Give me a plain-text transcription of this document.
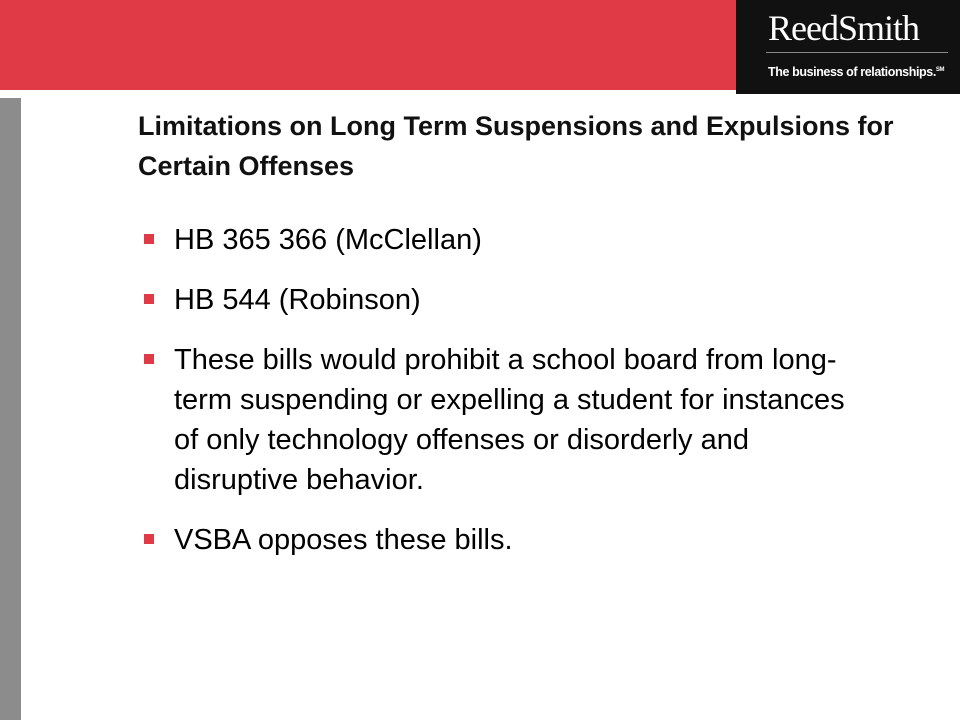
ReedSmith
The business of relationships.℠
Limitations on Long Term Suspensions and Expulsions for Certain Offenses
HB 365 366 (McClellan)
HB 544 (Robinson)
These bills would prohibit a school board from long-term suspending or expelling a student for instances of only technology offenses or disorderly and disruptive behavior.
VSBA opposes these bills.
